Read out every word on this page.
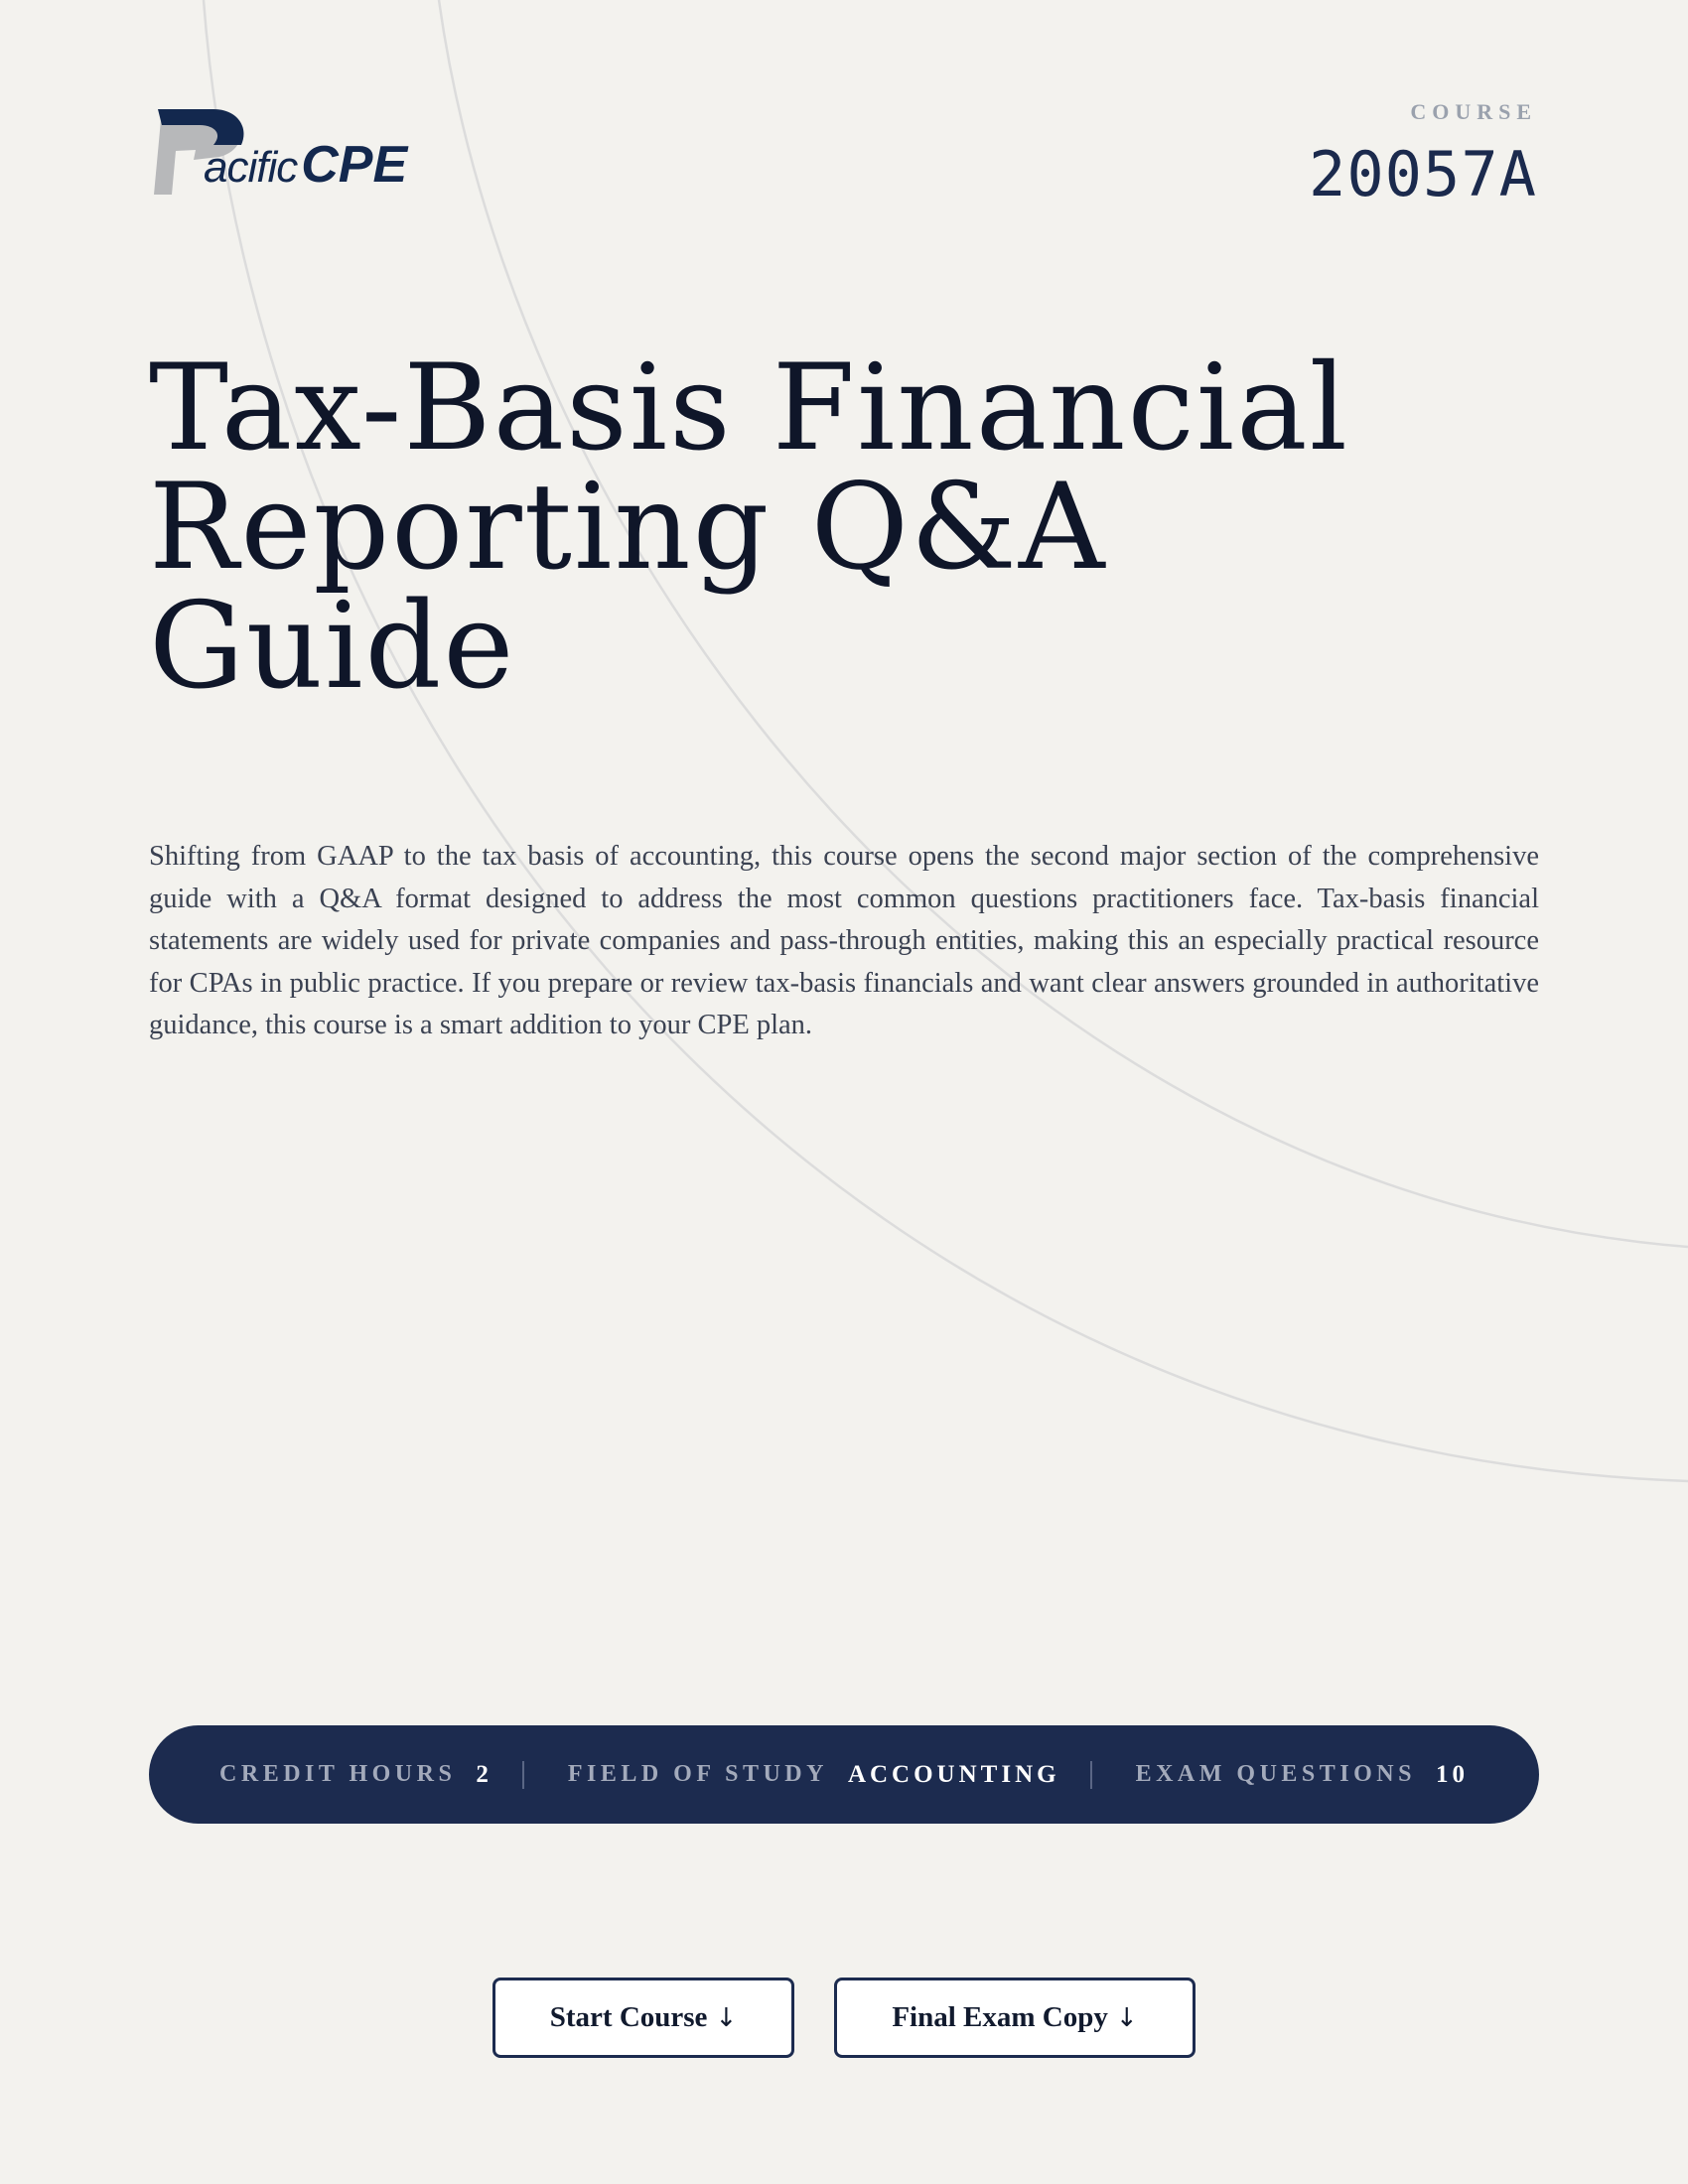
acificCPE
COURSE
20057A
Tax-Basis Financial
Reporting Q&A
Guide

Shifting from GAAP to the tax basis of accounting, this course opens the second major section of the comprehensive guide with a Q&A format designed to address the most common questions practitioners face. Tax-basis financial statements are widely used for private companies and pass-through entities, making this an especially practical resource for CPAs in public practice. If you prepare or review tax-basis financials and want clear answers grounded in authoritative guidance, this course is a smart addition to your CPE plan.

CREDIT HOURS 2	FIELD OF STUDY ACCOUNTING	EXAM QUESTIONS 10
Start Course ↓	Final Exam Copy ↓
